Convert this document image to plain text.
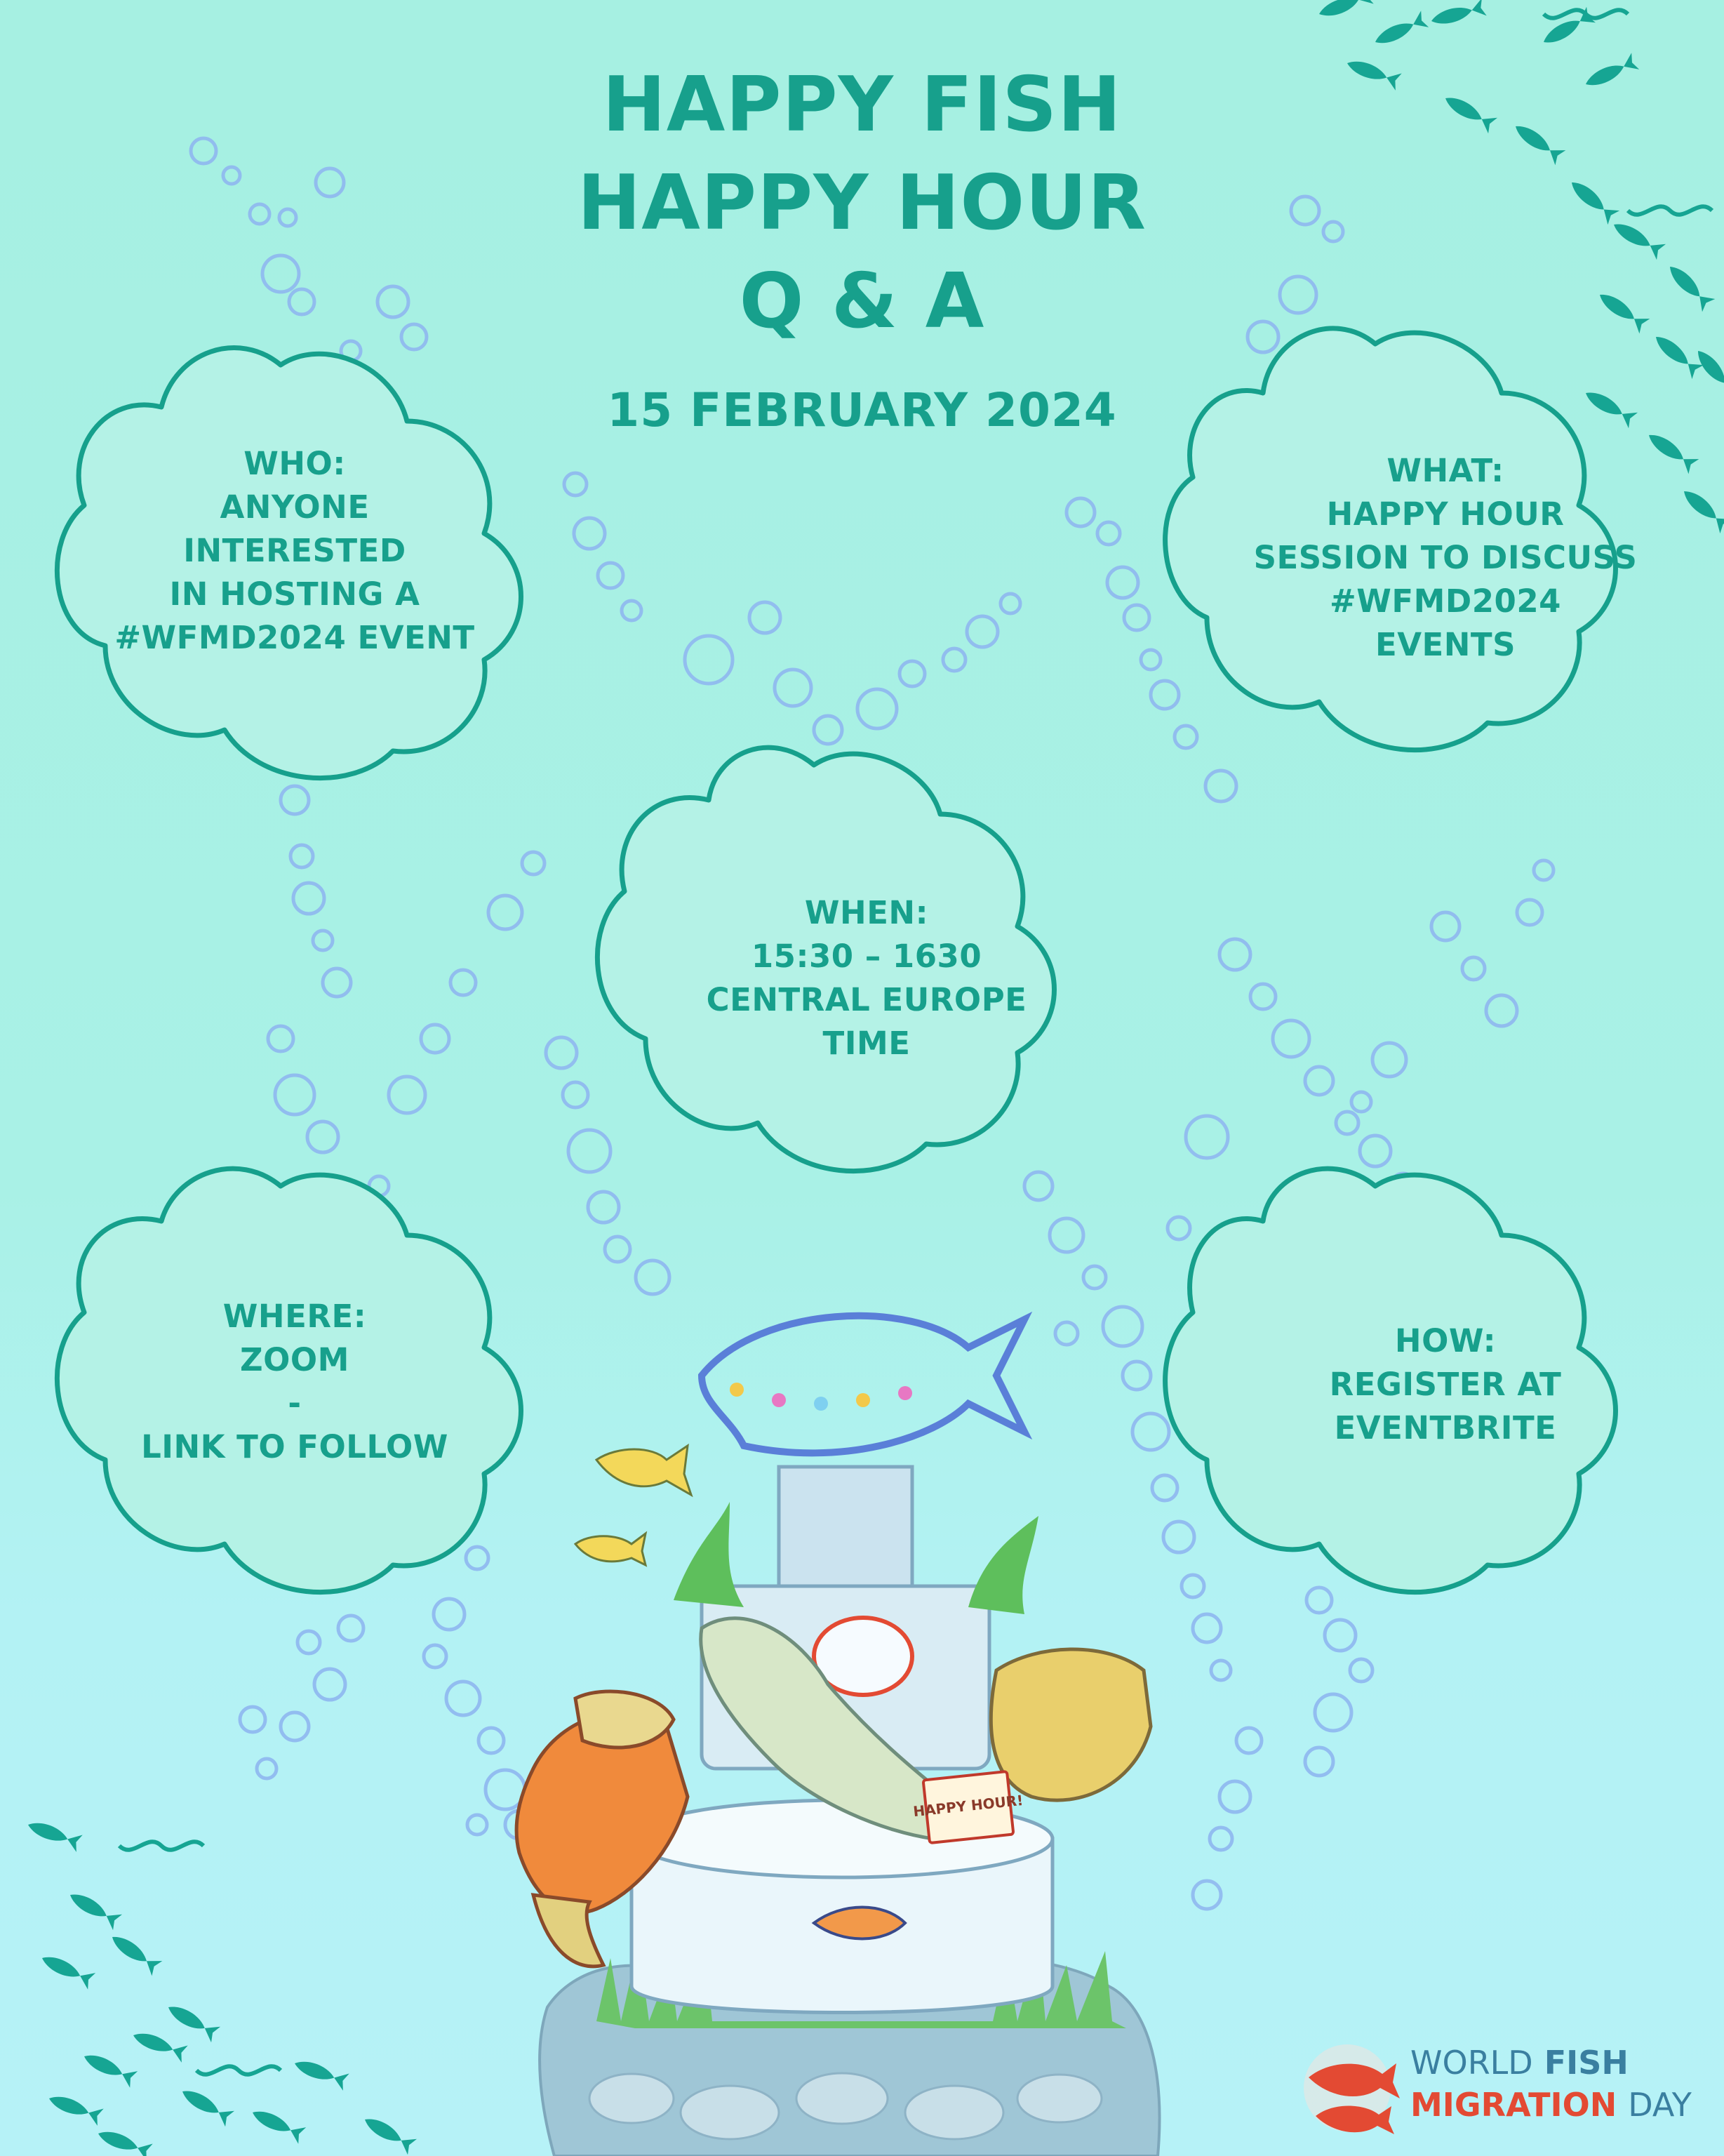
HAPPY HOUR!
HAPPY FISH
HAPPY HOUR
Q & A
15 FEBRUARY 2024
WHO:
ANYONE
INTERESTED
IN HOSTING A
#WFMD2024 EVENT
WHAT:
HAPPY HOUR
SESSION TO DISCUSS
#WFMD2024
EVENTS
WHEN:
15:30 – 1630
CENTRAL EUROPE
TIME
WHERE:
ZOOM
-
LINK TO FOLLOW
HOW:
REGISTER AT
EVENTBRITE
WORLD FISH
MIGRATION DAY
